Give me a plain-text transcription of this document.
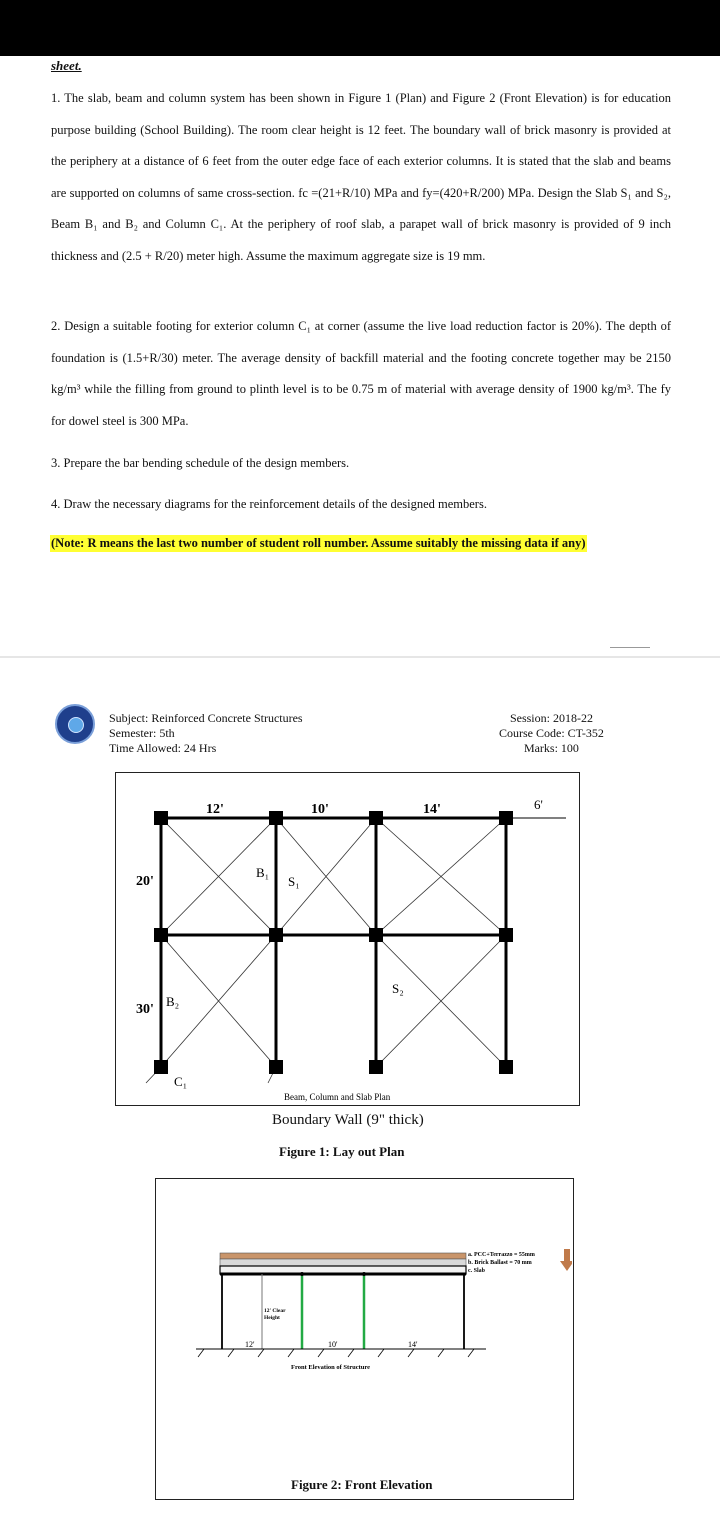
sheet.
1. The slab, beam and column system has been shown in Figure 1 (Plan) and Figure 2 (Front Elevation) is for education purpose building (School Building). The room clear height is 12 feet. The boundary wall of brick masonry is provided at the periphery at a distance of 6 feet from the outer edge face of each exterior columns. It is stated that the slab and beams are supported on columns of same cross-section. fc =(21+R/10) MPa and fy=(420+R/200) MPa. Design the Slab S₁ and S₂, Beam B₁ and B₂ and Column C₁. At the periphery of roof slab, a parapet wall of brick masonry is provided of 9 inch thickness and (2.5 + R/20) meter high. Assume the maximum aggregate size is 19 mm.
2. Design a suitable footing for exterior column C₁ at corner (assume the live load reduction factor is 20%). The depth of foundation is (1.5+R/30) meter. The average density of backfill material and the footing concrete together may be 2150 kg/m³ while the filling from ground to plinth level is to be 0.75 m of material with average density of 1900 kg/m³. The fy for dowel steel is 300 MPa.
3. Prepare the bar bending schedule of the design members.
4. Draw the necessary diagrams for the reinforcement details of the designed members.
(Note: R means the last two number of student roll number. Assume suitably the missing data if any)
Subject: Reinforced Concrete Structures
Semester: 5th
Time Allowed: 24 Hrs
Session: 2018-22
Course Code: CT-352
Marks: 100
12'	10'	14'
20'
30'
6'
B₁
S₁
S₂
B₂
C₁
Beam, Column and Slab Plan
Boundary Wall (9" thick)
Figure 1: Lay out Plan
a. PCC+Terrazzo = 55mm
b. Brick Ballast = 70 mm
c. Slab
12' Clear
Height
12'	10'	14'
Front Elevation of Structure
Figure 2: Front Elevation
